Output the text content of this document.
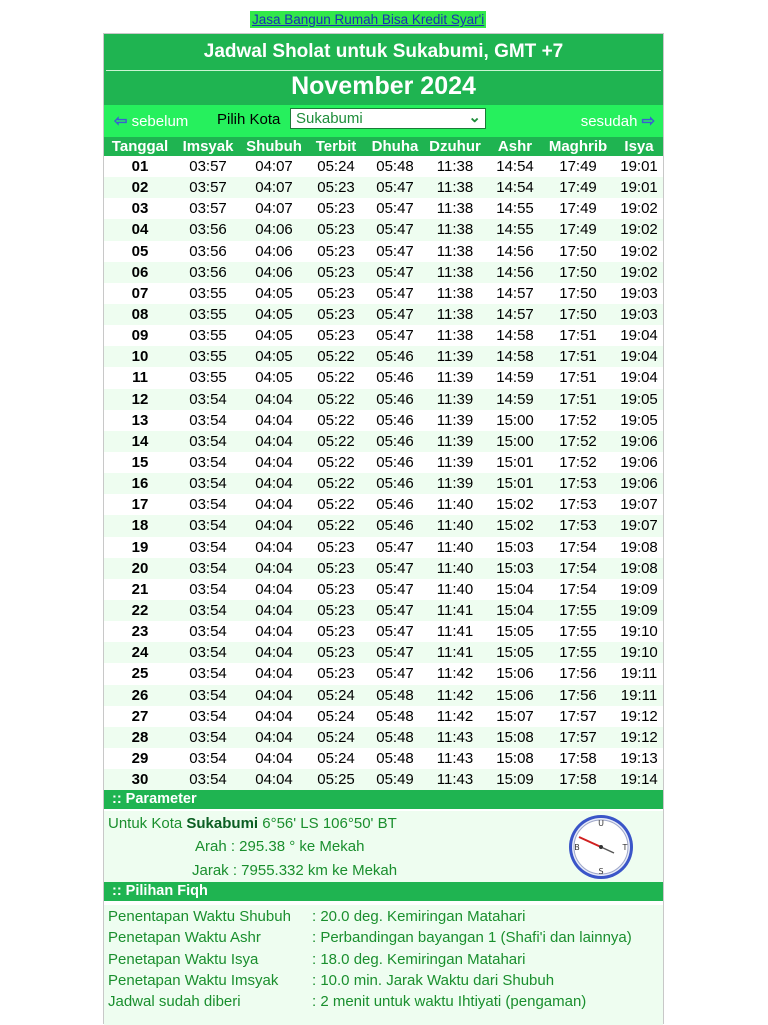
Jasa Bangun Rumah Bisa Kredit Syar'i
Jadwal Sholat untuk Sukabumi, GMT +7
November 2024
⇦ sebelum Pilih Kota Sukabumi	⌄	sesudah ⇨
Tanggal Imsyak Shubuh Terbit Dhuha Dzuhur Ashr Maghrib Isya
01	03:57 04:07 05:24 05:48 11:38 14:54 17:49 19:01
02	03:57 04:07 05:23 05:47 11:38 14:54 17:49 19:01
03	03:57 04:07 05:23 05:47 11:38 14:55 17:49 19:02
04	03:56 04:06 05:23 05:47 11:38 14:55 17:49 19:02
05	03:56 04:06 05:23 05:47 11:38 14:56 17:50 19:02
06	03:56 04:06 05:23 05:47 11:38 14:56 17:50 19:02
07	03:55 04:05 05:23 05:47 11:38 14:57 17:50 19:03
08	03:55 04:05 05:23 05:47 11:38 14:57 17:50 19:03
09	03:55 04:05 05:23 05:47 11:38 14:58 17:51 19:04
10	03:55 04:05 05:22 05:46 11:39 14:58 17:51 19:04
11	03:55 04:05 05:22 05:46 11:39 14:59 17:51 19:04
12	03:54 04:04 05:22 05:46 11:39 14:59 17:51 19:05
13	03:54 04:04 05:22 05:46 11:39 15:00 17:52 19:05
14	03:54 04:04 05:22 05:46 11:39 15:00 17:52 19:06
15	03:54 04:04 05:22 05:46 11:39 15:01 17:52 19:06
16	03:54 04:04 05:22 05:46 11:39 15:01 17:53 19:06
17	03:54 04:04 05:22 05:46 11:40 15:02 17:53 19:07
18	03:54 04:04 05:22 05:46 11:40 15:02 17:53 19:07
19	03:54 04:04 05:23 05:47 11:40 15:03 17:54 19:08
20	03:54 04:04 05:23 05:47 11:40 15:03 17:54 19:08
21	03:54 04:04 05:23 05:47 11:40 15:04 17:54 19:09
22	03:54 04:04 05:23 05:47 11:41 15:04 17:55 19:09
23	03:54 04:04 05:23 05:47 11:41 15:05 17:55 19:10
24	03:54 04:04 05:23 05:47 11:41 15:05 17:55 19:10
25	03:54 04:04 05:23 05:47 11:42 15:06 17:56 19:11
26	03:54 04:04 05:24 05:48 11:42 15:06 17:56 19:11
27	03:54 04:04 05:24 05:48 11:42 15:07 17:57 19:12
28	03:54 04:04 05:24 05:48 11:43 15:08 17:57 19:12
29	03:54 04:04 05:24 05:48 11:43 15:08 17:58 19:13
30	03:54 04:04 05:25 05:49 11:43 15:09 17:58 19:14
:: Parameter
Untuk Kota Sukabumi 6°56' LS 106°50' BT
Arah : 295.38 ° ke Mekah
Jarak : 7955.332 km ke Mekah
U
S
B	T
:: Pilihan Fiqh
Penentapan Waktu Shubuh : 20.0 deg. Kemiringan Matahari
Penetapan Waktu Ashr	: Perbandingan bayangan 1 (Shafi'i dan lainnya)
Penetapan Waktu Isya	: 18.0 deg. Kemiringan Matahari
Penetapan Waktu Imsyak : 10.0 min. Jarak Waktu dari Shubuh
Jadwal sudah diberi	: 2 menit untuk waktu Ihtiyati (pengaman)
